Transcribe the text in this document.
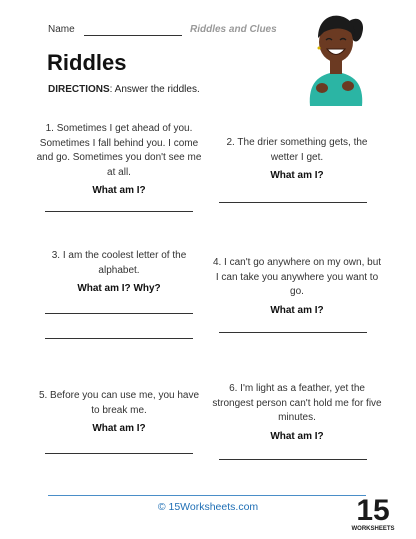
Name	Riddles and Clues
Riddles
DIRECTIONS: Answer the riddles.

1. Sometimes I get ahead of you. Sometimes I fall behind you. I come and go. Sometimes you don't see me at all.

What am I?

2. The drier something gets, the wetter I get.

What am I?

3. I am the coolest letter of the alphabet.

What am I? Why?

4. I can't go anywhere on my own, but I can take you anywhere you want to go.

What am I?

5. Before you can use me, you have to break me.

What am I?

6. I'm light as a feather, yet the strongest person can't hold me for five minutes.

What am I?

© 15Worksheets.com	15
WORKSHEETS
